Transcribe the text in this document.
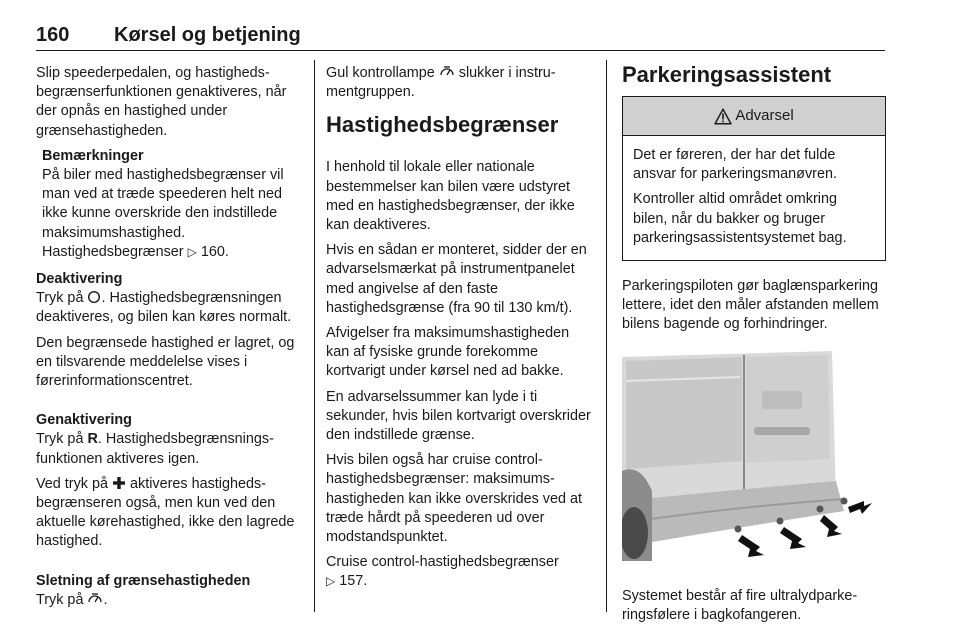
160 Kørsel og betjening

Slip speederpedalen, og hastighedsbegrænserfunktionen genaktiveres, når der opnås en hastighed under grænsehastigheden.

Bemærkninger
På biler med hastighedsbegrænser vil man ved at træde speederen helt ned ikke kunne overskride den indstillede maksimumshastighed. Hastighedsbegrænser ▷ 160.

Deaktivering

Tryk på . Hastighedsbegrænsningen deaktiveres, og bilen kan køres normalt.

Den begrænsede hastighed er lagret, og en tilsvarende meddelelse vises i førerinformationscentret.

Genaktivering

Tryk på R. Hastighedsbegrænsningsfunktionen aktiveres igen.

Ved tryk på aktiveres hastighedsbegrænseren også, men kun ved den aktuelle kørehastighed, ikke den lagrede hastighed.

Sletning af grænsehastigheden

Tryk på .

Gul kontrollampe slukker i instrumentgruppen.

Hastighedsbegrænser

I henhold til lokale eller nationale bestemmelser kan bilen være udstyret med en hastighedsbegrænser, der ikke kan deaktiveres.

Hvis en sådan er monteret, sidder der en advarselsmærkat på instrumentpanelet med angivelse af den faste hastighedsgrænse (fra 90 til 130 km/t).

Afvigelser fra maksimumshastigheden kan af fysiske grunde forekomme kortvarigt under kørsel ned ad bakke.

En advarselssummer kan lyde i ti sekunder, hvis bilen kortvarigt overskrider den indstillede grænse.

Hvis bilen også har cruise control-hastighedsbegrænser: maksimumshastigheden kan ikke overskrides ved at træde hårdt på speederen ud over modstandspunktet.

Cruise control-hastighedsbegrænser
▷ 157.

Parkeringsassistent
Advarsel

Det er føreren, der har det fulde ansvar for parkeringsmanøvren.

Kontroller altid området omkring bilen, når du bakker og bruger parkeringsassistentsystemet bag.

Parkeringspiloten gør baglænsparkering lettere, idet den måler afstanden mellem bilens bagende og forhindringer.

Systemet består af fire ultralydparkeringsfølere i bagkofangeren.
